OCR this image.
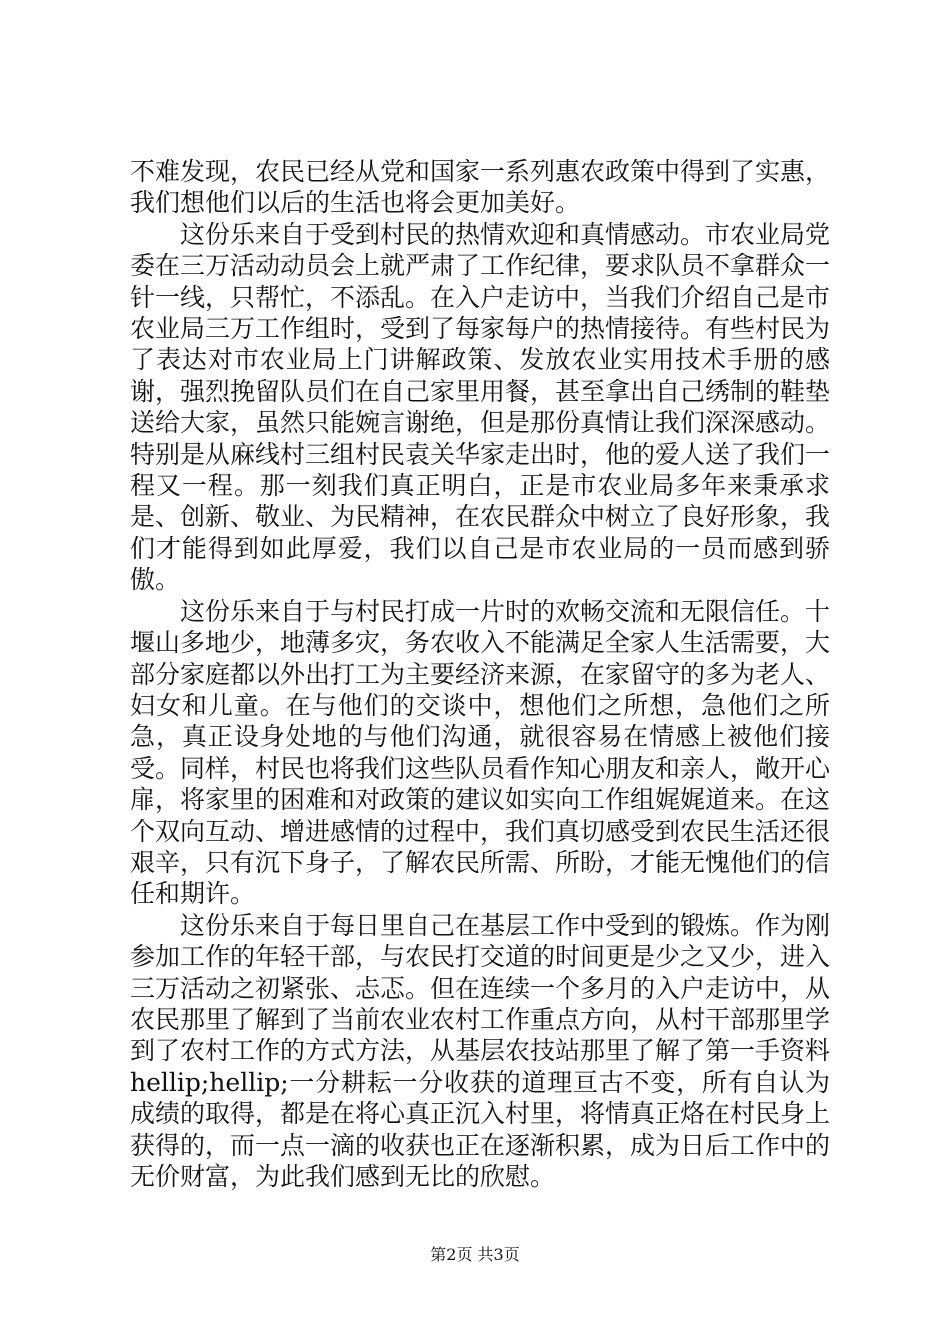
不难发现，农民已经从党和国家一系列惠农政策中得到了实惠，我们想他们以后的生活也将会更加美好。

这份乐来自于受到村民的热情欢迎和真情感动。市农业局党委在三万活动动员会上就严肃了工作纪律，要求队员不拿群众一针一线，只帮忙，不添乱。在入户走访中，当我们介绍自己是市农业局三万工作组时，受到了每家每户的热情接待。有些村民为了表达对市农业局上门讲解政策、发放农业实用技术手册的感谢，强烈挽留队员们在自己家里用餐，甚至拿出自己绣制的鞋垫送给大家，虽然只能婉言谢绝，但是那份真情让我们深深感动。特别是从麻线村三组村民袁关华家走出时，他的爱人送了我们一程又一程。那一刻我们真正明白，正是市农业局多年来秉承求是、创新、敬业、为民精神，在农民群众中树立了良好形象，我们才能得到如此厚爱，我们以自己是市农业局的一员而感到骄傲。

这份乐来自于与村民打成一片时的欢畅交流和无限信任。十堰山多地少，地薄多灾，务农收入不能满足全家人生活需要，大部分家庭都以外出打工为主要经济来源，在家留守的多为老人、妇女和儿童。在与他们的交谈中，想他们之所想，急他们之所急，真正设身处地的与他们沟通，就很容易在情感上被他们接受。同样，村民也将我们这些队员看作知心朋友和亲人，敞开心扉，将家里的困难和对政策的建议如实向工作组娓娓道来。在这个双向互动、增进感情的过程中，我们真切感受到农民生活还很艰辛，只有沉下身子，了解农民所需、所盼，才能无愧他们的信任和期许。

这份乐来自于每日里自己在基层工作中受到的锻炼。作为刚参加工作的年轻干部，与农民打交道的时间更是少之又少，进入三万活动之初紧张、忐忑。但在连续一个多月的入户走访中，从农民那里了解到了当前农业农村工作重点方向，从村干部那里学到了农村工作的方式方法，从基层农技站那里了解了第一手资料hellip;hellip;一分耕耘一分收获的道理亘古不变，所有自认为成绩的取得，都是在将心真正沉入村里，将情真正烙在村民身上获得的，而一点一滴的收获也正在逐渐积累，成为日后工作中的无价财富，为此我们感到无比的欣慰。

第2页 共3页
